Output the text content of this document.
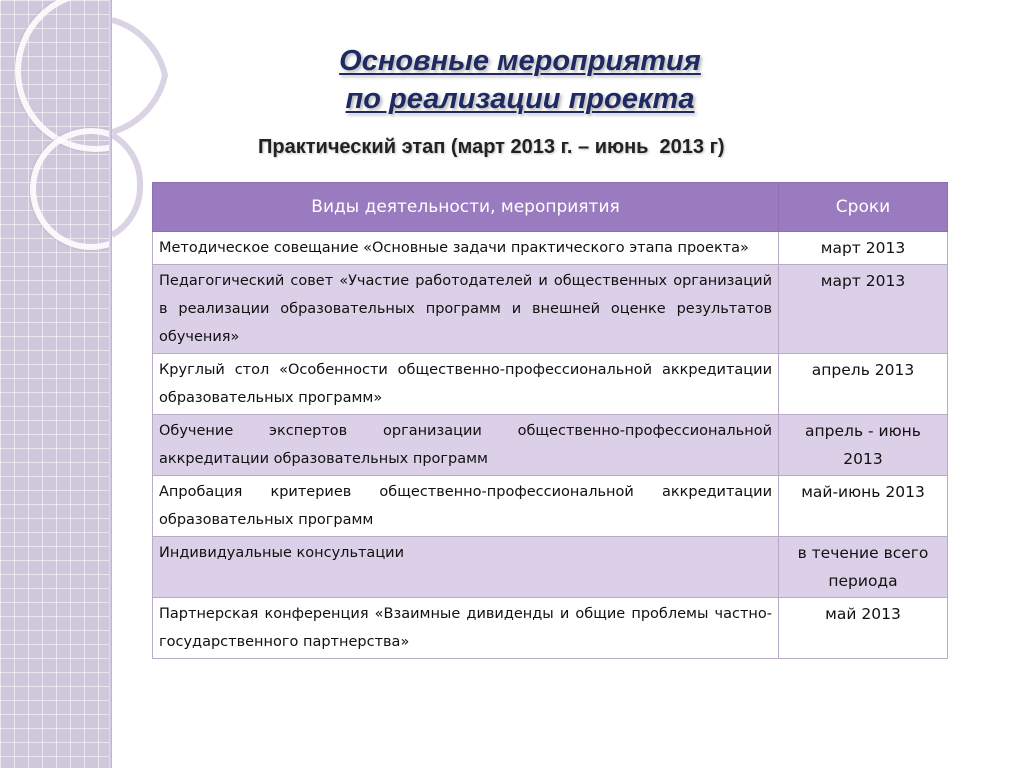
Основные мероприятия
по реализации проекта

Практический этап (март 2013 г. – июнь  2013 г)

Виды деятельности, мероприятия	Сроки
Методическое совещание «Основные задачи практического этапа проекта»	март 2013
Педагогический совет «Участие работодателей и общественных организаций в реализации образовательных программ и внешней оценке результатов обучения»	март 2013
Круглый стол «Особенности общественно-профессиональной аккредитации образовательных программ»	апрель 2013
Обучение экспертов организации общественно-профессиональной аккредитации образовательных программ	апрель - июнь 2013
Апробация критериев общественно-профессиональной аккредитации образовательных программ	май-июнь 2013
Индивидуальные консультации	в течение всего периода
Партнерская конференция «Взаимные дивиденды и общие проблемы частно-государственного партнерства»	май 2013
